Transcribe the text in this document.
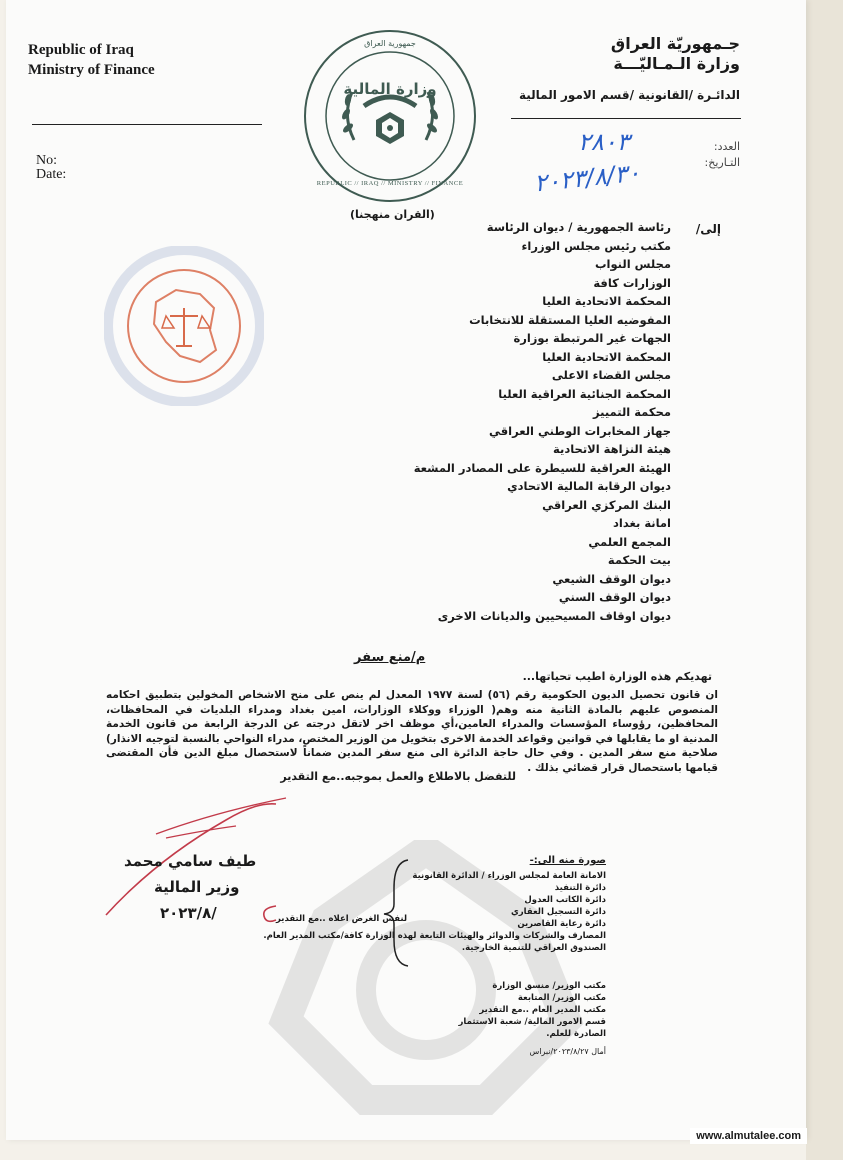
Republic of Iraq
Ministry of Finance
No:
Date:
جـمهوريّة العراق
وزارة الـمـاليّـــة
الدائـرة /القانونية /قسم الامور المالية
العدد:
التـاريخ:
٢٨٠٣
٢٠٢٣/٨/٣٠
جمهورية العراق
وزارة المالية
REPUBLIC // IRAQ // MINISTRY // FINANCE
(القران منهجنا)
إلى/
رئاسة الجمهورية / ديوان الرئاسة
مكتب رئيس مجلس الوزراء
مجلس النواب
الوزارات كافة
المحكمة الاتحادية العليا
المفوضيه العليا المستقلة للانتخابات
الجهات غير المرتبطة بوزارة
المحكمة الاتحادية العليا
مجلس القضاء الاعلى
المحكمة الجنائية العراقية العليا
محكمة التمييز
جهاز المخابرات الوطني العراقي
هيئة النزاهة الاتحادية
الهيئة العراقية للسيطرة على المصادر المشعة
ديوان الرقابة المالية الاتحادي
البنك المركزي العراقي
امانة بغداد
المجمع العلمي
بيت الحكمة
ديوان الوقف الشيعي
ديوان الوقف السني
ديوان اوقاف المسيحيين والديانات الاخرى
م/منع سفر
تهديكم هذه الوزارة اطيب تحياتها...
ان قانون تحصيل الديون الحكومية رقم (٥٦) لسنة ١٩٧٧ المعدل لم ينص على منح الاشخاص المخولين بتطبيق احكامه المنصوص عليهم بالمادة الثانية منه وهم( الوزراء ووكلاء الوزارات، امين بغداد ومدراء البلديات في المحافظات، المحافظين، رؤوساء المؤسسات والمدراء العامين،أي موظف اخر لاتقل درجته عن الدرجة الرابعة من قانون الخدمة المدنية او ما يقابلها في قوانين وقواعد الخدمة الاخرى بتخويل من الوزير المختص، مدراء النواحي بالنسبة لتوجيه الانذار) صلاحية منع سفر المدين . وفي حال حاجة الدائرة الى منع سفر المدين ضماناً لاستحصال مبلغ الدين فأن المقتضى قيامها باستحصال قرار قضائي بذلك .
للتفضل بالاطلاع والعمل بموجبه..مع التقدير
طيف سامي محمد
وزير المالية
٢٠٢٣/٨/
صورة منه الى:-
الامانة العامة لمجلس الوزراء / الدائرة القانونية
دائرة التنفيذ
دائرة الكاتب العدول
دائرة التسجيل العقاري
دائرة رعاية القاصرين
المصارف والشركات والدوائر والهيئات التابعة لهذه الوزارة كافة/مكتب المدير العام.
الصندوق العراقي للتنمية الخارجية.
لنفس الغرض اعلاه ..مع التقدير
مكتب الوزير/ منسق الوزارة
مكتب الوزير/ المتابعة
مكتب المدير العام ..مع التقدير
قسم الامور المالية/ شعبة الاستثمار
الصادرة للعلم.
أمال ٢٠٢٣/٨/٢٧/نبراس
www.almutalee.com
